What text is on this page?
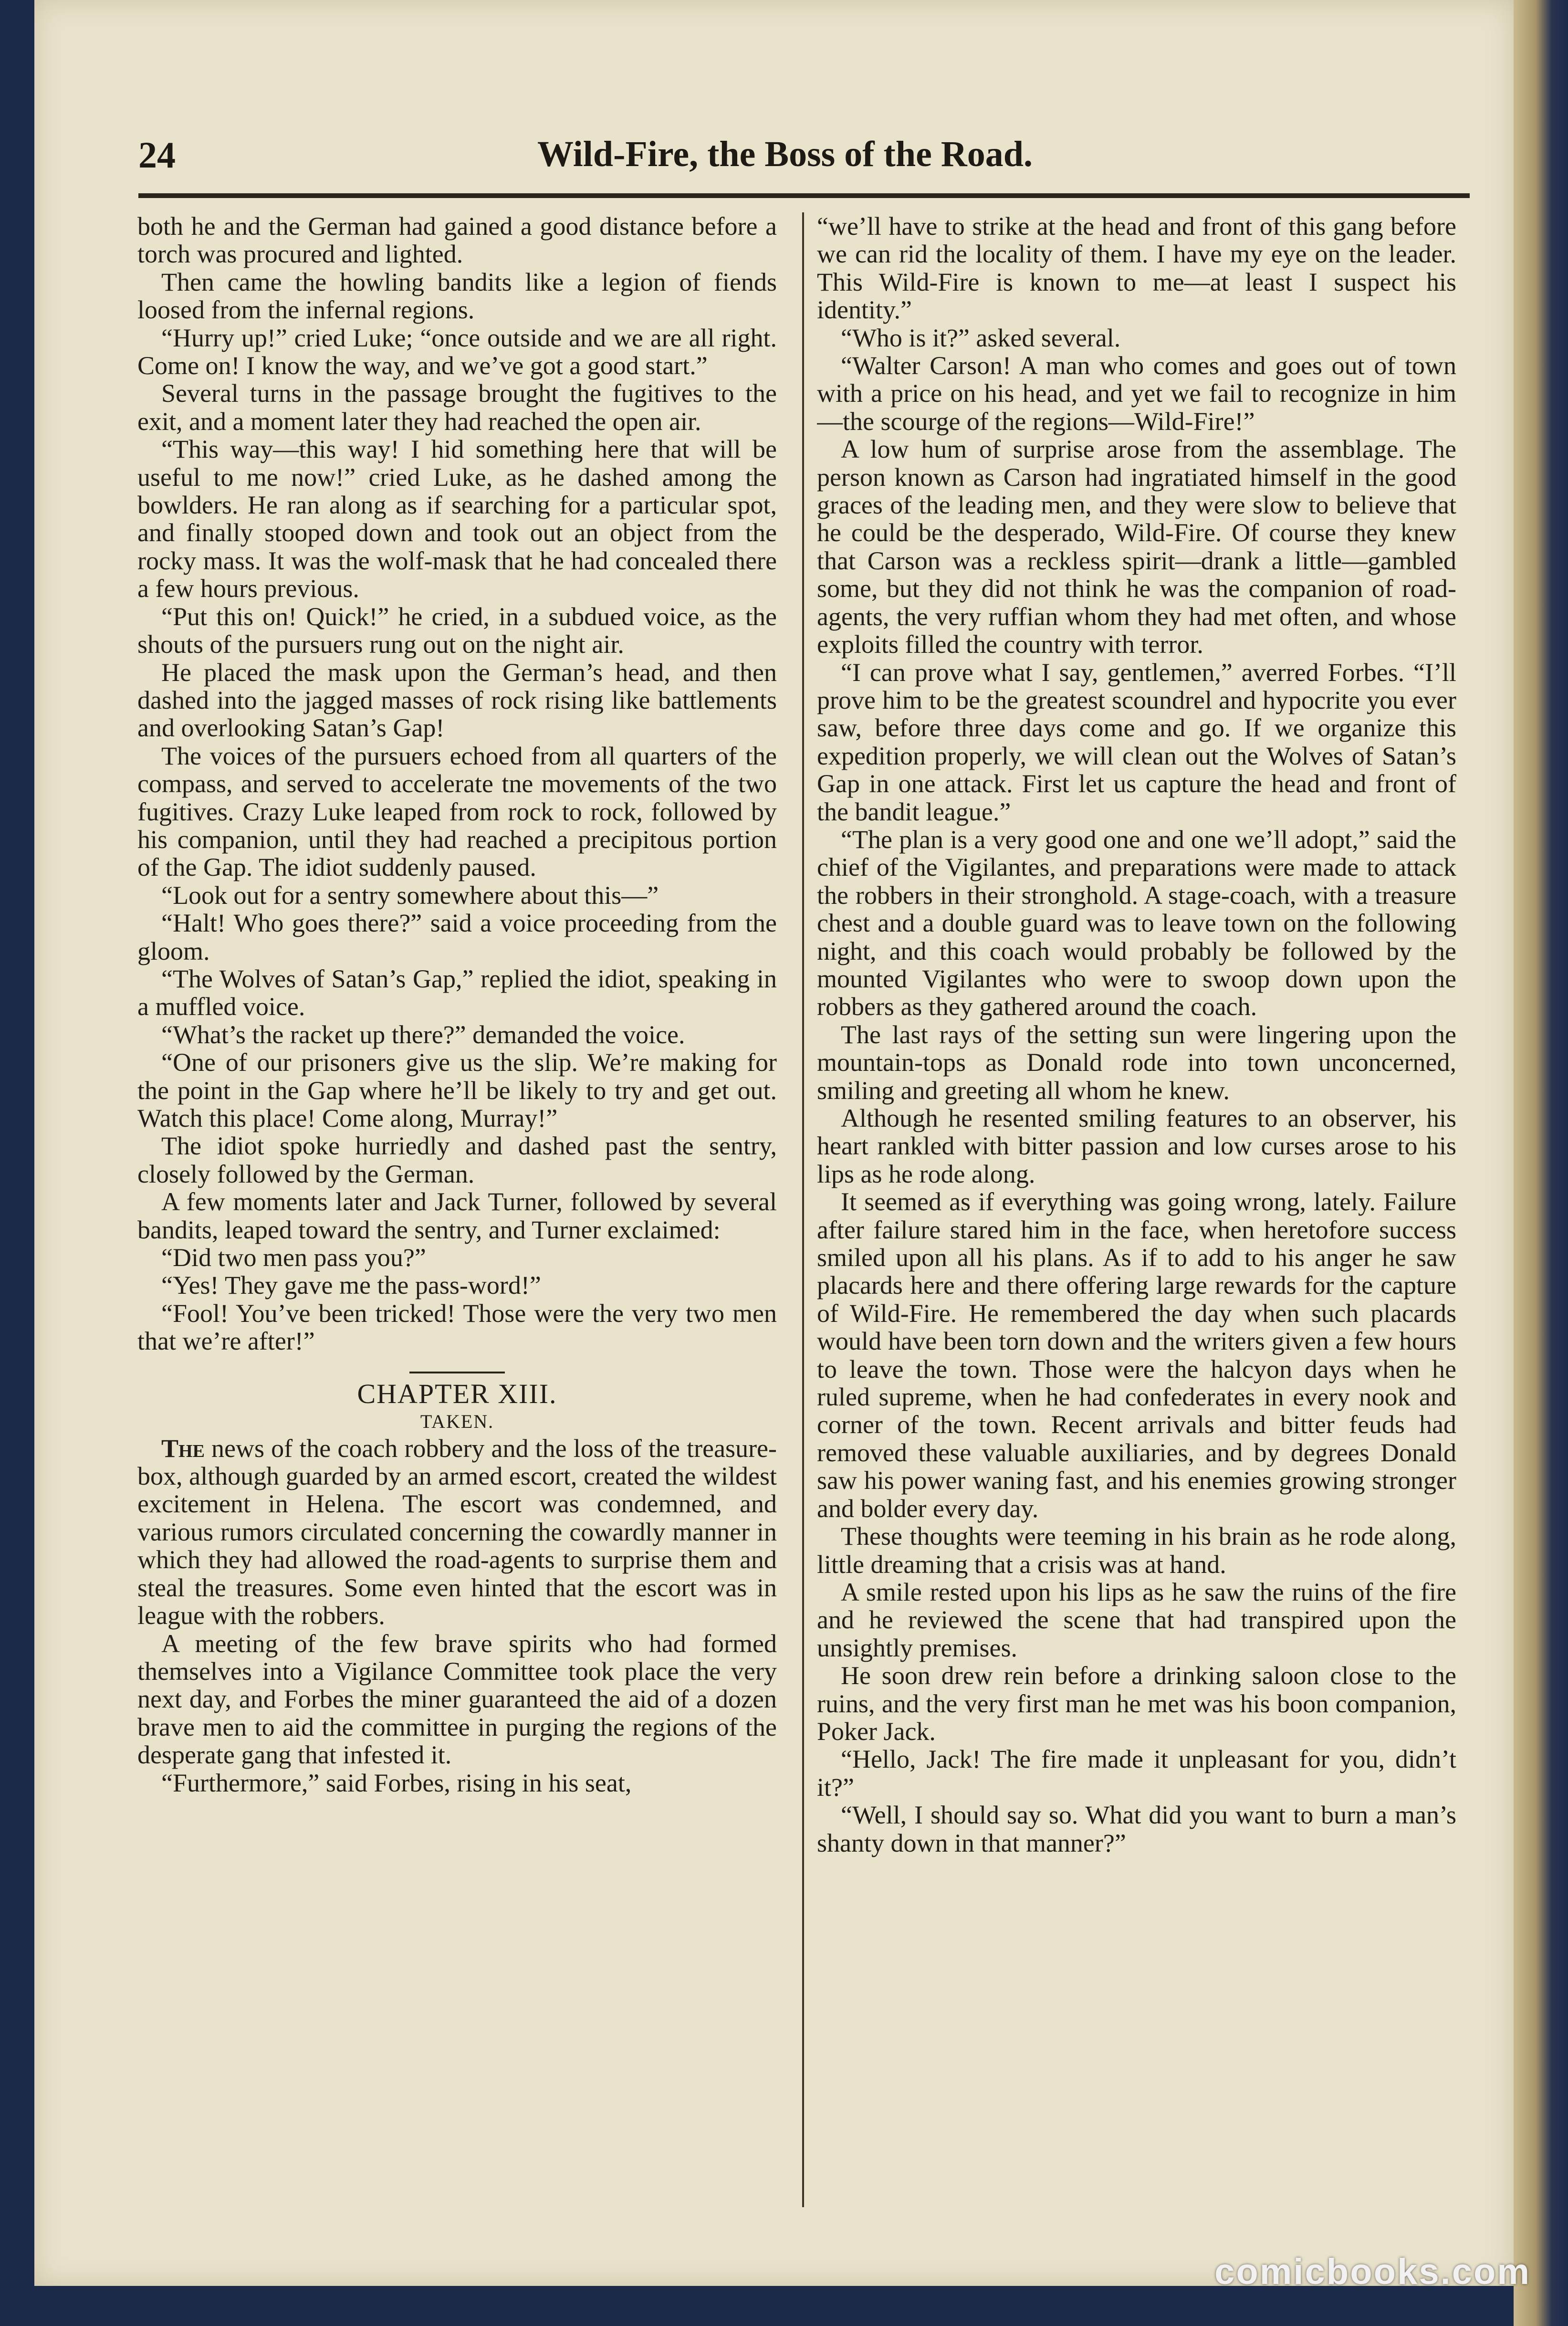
24	Wild-Fire, the Boss of the Road.

both he and the German had gained a good distance before a torch was procured and lighted.

Then came the howling bandits like a legion of fiends loosed from the infernal regions.

“Hurry up!” cried Luke; “once outside and we are all right. Come on! I know the way, and we’ve got a good start.”

Several turns in the passage brought the fugitives to the exit, and a moment later they had reached the open air.

“This way—this way! I hid something here that will be useful to me now!” cried Luke, as he dashed among the bowlders. He ran along as if searching for a particular spot, and finally stooped down and took out an object from the rocky mass. It was the wolf-mask that he had concealed there a few hours previous.

“Put this on! Quick!” he cried, in a subdued voice, as the shouts of the pursuers rung out on the night air.

He placed the mask upon the German’s head, and then dashed into the jagged masses of rock rising like battlements and overlooking Satan’s Gap!

The voices of the pursuers echoed from all quarters of the compass, and served to accelerate tne movements of the two fugitives. Crazy Luke leaped from rock to rock, followed by his companion, until they had reached a precipitous portion of the Gap. The idiot suddenly paused.

“Look out for a sentry somewhere about this—”

“Halt! Who goes there?” said a voice proceeding from the gloom.

“The Wolves of Satan’s Gap,” replied the idiot, speaking in a muffled voice.

“What’s the racket up there?” demanded the voice.

“One of our prisoners give us the slip. We’re making for the point in the Gap where he’ll be likely to try and get out. Watch this place! Come along, Murray!”

The idiot spoke hurriedly and dashed past the sentry, closely followed by the German.

A few moments later and Jack Turner, followed by several bandits, leaped toward the sentry, and Turner exclaimed:

“Did two men pass you?”

“Yes! They gave me the pass-word!”

“Fool! You’ve been tricked! Those were the very two men that we’re after!”

CHAPTER XIII.

TAKEN.

The news of the coach robbery and the loss of the treasure-box, although guarded by an armed escort, created the wildest excitement in Helena. The escort was condemned, and various rumors circulated concerning the cowardly manner in which they had allowed the road-agents to surprise them and steal the treasures. Some even hinted that the escort was in league with the robbers.

A meeting of the few brave spirits who had formed themselves into a Vigilance Committee took place the very next day, and Forbes the miner guaranteed the aid of a dozen brave men to aid the committee in purging the regions of the desperate gang that infested it.

“Furthermore,” said Forbes, rising in his seat,

“we’ll have to strike at the head and front of this gang before we can rid the locality of them. I have my eye on the leader. This Wild-Fire is known to me—at least I suspect his identity.”

“Who is it?” asked several.

“Walter Carson! A man who comes and goes out of town with a price on his head, and yet we fail to recognize in him—the scourge of the regions—Wild-Fire!”

A low hum of surprise arose from the assemblage. The person known as Carson had ingratiated himself in the good graces of the leading men, and they were slow to believe that he could be the desperado, Wild-Fire. Of course they knew that Carson was a reckless spirit—drank a little—gambled some, but they did not think he was the companion of road-agents, the very ruffian whom they had met often, and whose exploits filled the country with terror.

“I can prove what I say, gentlemen,” averred Forbes. “I’ll prove him to be the greatest scoundrel and hypocrite you ever saw, before three days come and go. If we organize this expedition properly, we will clean out the Wolves of Satan’s Gap in one attack. First let us capture the head and front of the bandit league.”

“The plan is a very good one and one we’ll adopt,” said the chief of the Vigilantes, and preparations were made to attack the robbers in their stronghold. A stage-coach, with a treasure chest and a double guard was to leave town on the following night, and this coach would probably be followed by the mounted Vigilantes who were to swoop down upon the robbers as they gathered around the coach.

The last rays of the setting sun were lingering upon the mountain-tops as Donald rode into town unconcerned, smiling and greeting all whom he knew.

Although he resented smiling features to an observer, his heart rankled with bitter passion and low curses arose to his lips as he rode along.

It seemed as if everything was going wrong, lately. Failure after failure stared him in the face, when heretofore success smiled upon all his plans. As if to add to his anger he saw placards here and there offering large rewards for the capture of Wild-Fire. He remembered the day when such placards would have been torn down and the writers given a few hours to leave the town. Those were the halcyon days when he ruled supreme, when he had confederates in every nook and corner of the town. Recent arrivals and bitter feuds had removed these valuable auxiliaries, and by degrees Donald saw his power waning fast, and his enemies growing stronger and bolder every day.

These thoughts were teeming in his brain as he rode along, little dreaming that a crisis was at hand.

A smile rested upon his lips as he saw the ruins of the fire and he reviewed the scene that had transpired upon the unsightly premises.

He soon drew rein before a drinking saloon close to the ruins, and the very first man he met was his boon companion, Poker Jack.

“Hello, Jack! The fire made it unpleasant for you, didn’t it?”

“Well, I should say so. What did you want to burn a man’s shanty down in that manner?”

comicbooks.com
